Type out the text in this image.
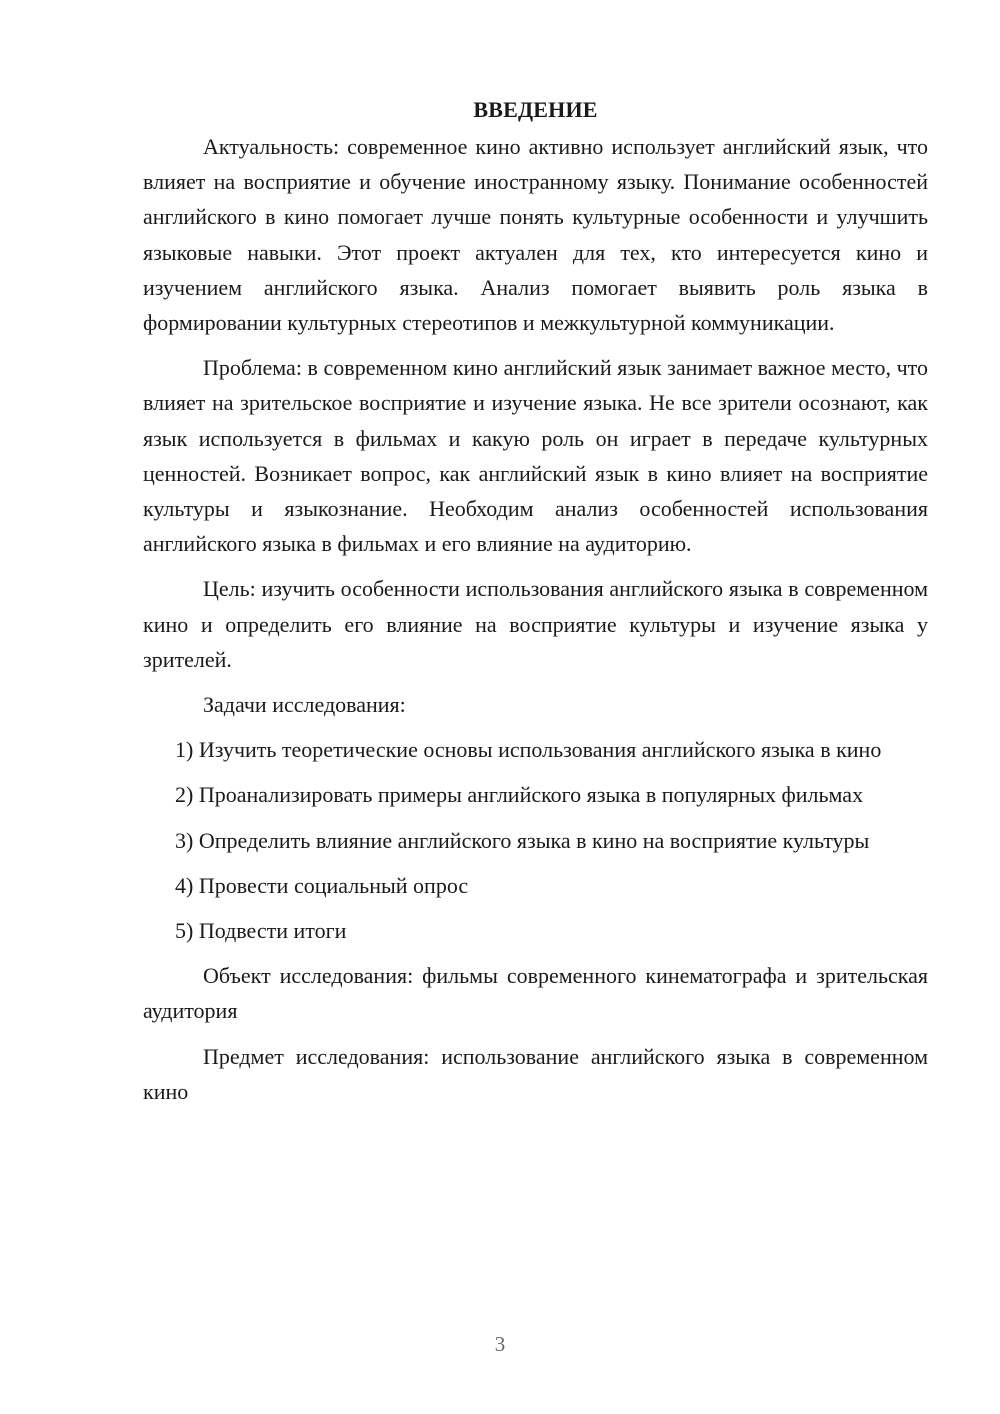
ВВЕДЕНИЕ

Актуальность: современное кино активно использует английский язык, что влияет на восприятие и обучение иностранному языку. Понимание особенностей английского в кино помогает лучше понять культурные особенности и улучшить языковые навыки. Этот проект актуален для тех, кто интересуется кино и изучением английского языка. Анализ помогает выявить роль языка в формировании культурных стереотипов и межкультурной коммуникации.

Проблема: в современном кино английский язык занимает важное место, что влияет на зрительское восприятие и изучение языка. Не все зрители осознают, как язык используется в фильмах и какую роль он играет в передаче культурных ценностей. Возникает вопрос, как английский язык в кино влияет на восприятие культуры и языкознание. Необходим анализ особенностей использования английского языка в фильмах и его влияние на аудиторию.

Цель: изучить особенности использования английского языка в современном кино и определить его влияние на восприятие культуры и изучение языка у зрителей.

Задачи исследования:

1) Изучить теоретические основы использования английского языка в кино

2) Проанализировать примеры английского языка в популярных фильмах

3) Определить влияние английского языка в кино на восприятие культуры

4) Провести социальный опрос

5) Подвести итоги

Объект исследования: фильмы современного кинематографа и зрительская аудитория

Предмет исследования: использование английского языка в современном кино

3
